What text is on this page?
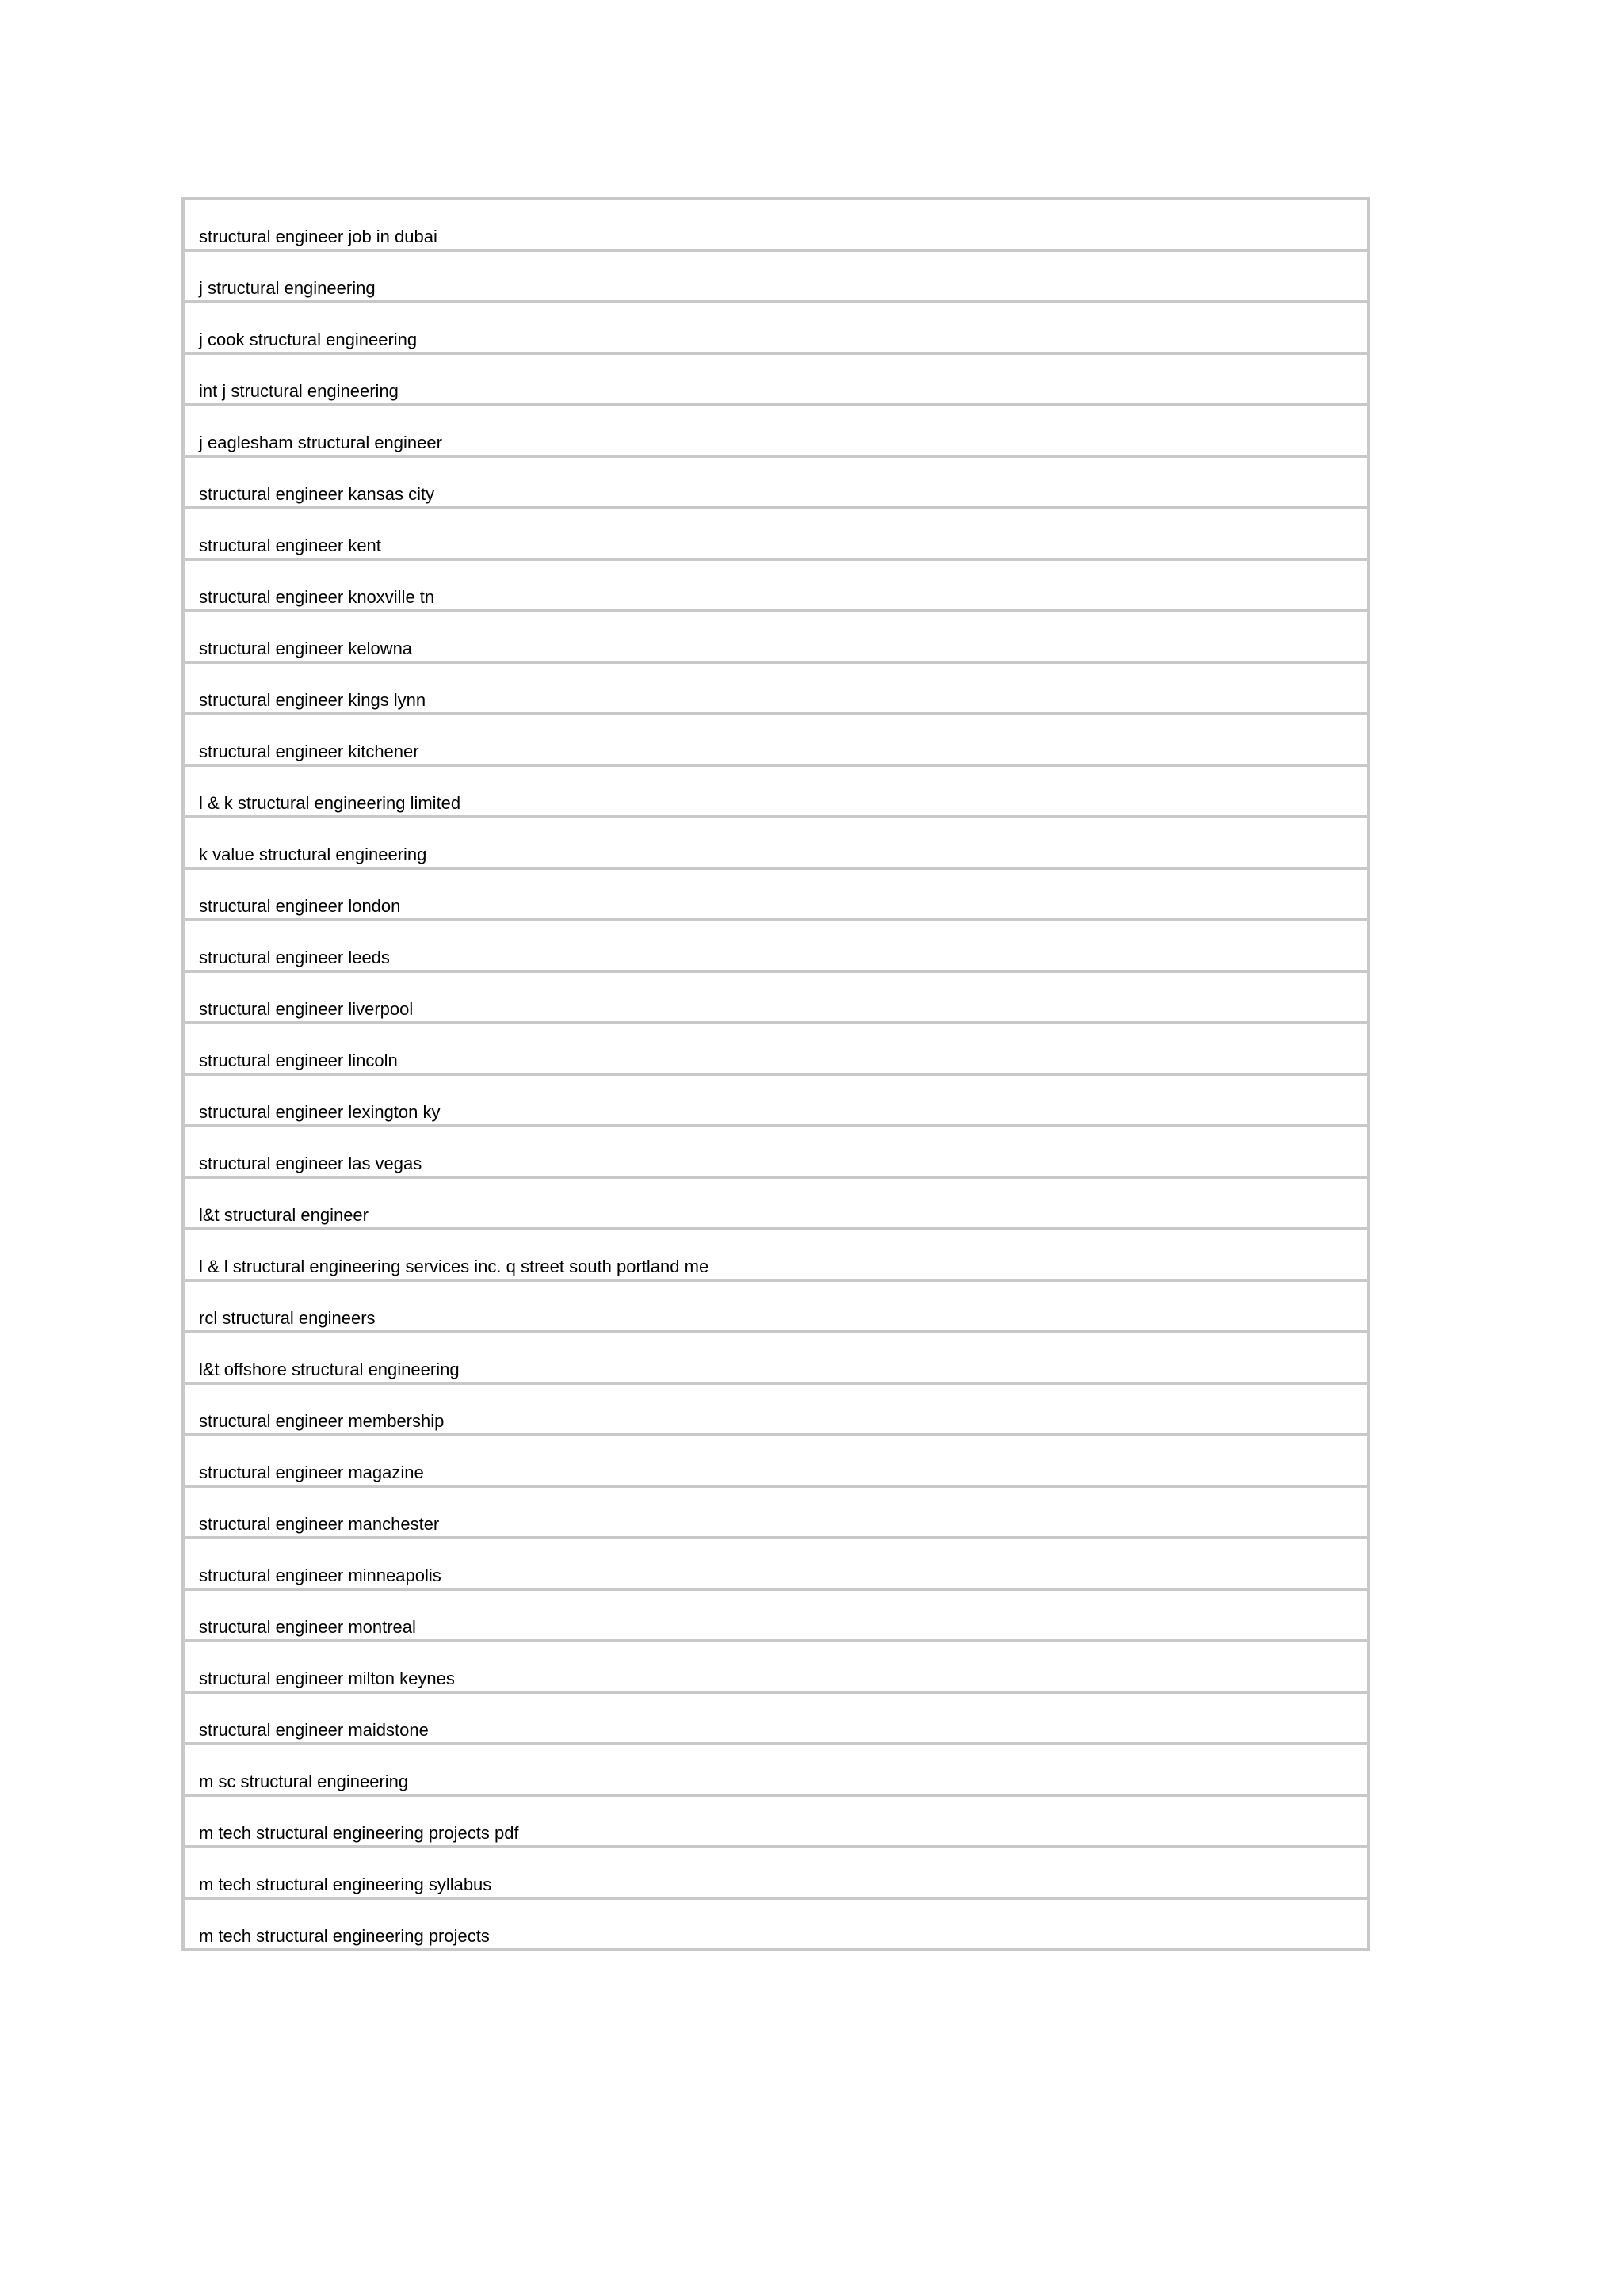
structural engineer job in dubai

j structural engineering

j cook structural engineering

int j structural engineering

j eaglesham structural engineer

structural engineer kansas city

structural engineer kent

structural engineer knoxville tn

structural engineer kelowna

structural engineer kings lynn

structural engineer kitchener

l & k structural engineering limited

k value structural engineering

structural engineer london

structural engineer leeds

structural engineer liverpool

structural engineer lincoln

structural engineer lexington ky

structural engineer las vegas

l&t structural engineer

l & l structural engineering services inc. q street south portland me

rcl structural engineers

l&t offshore structural engineering

structural engineer membership

structural engineer magazine

structural engineer manchester

structural engineer minneapolis

structural engineer montreal

structural engineer milton keynes

structural engineer maidstone

m sc structural engineering

m tech structural engineering projects pdf

m tech structural engineering syllabus

m tech structural engineering projects
